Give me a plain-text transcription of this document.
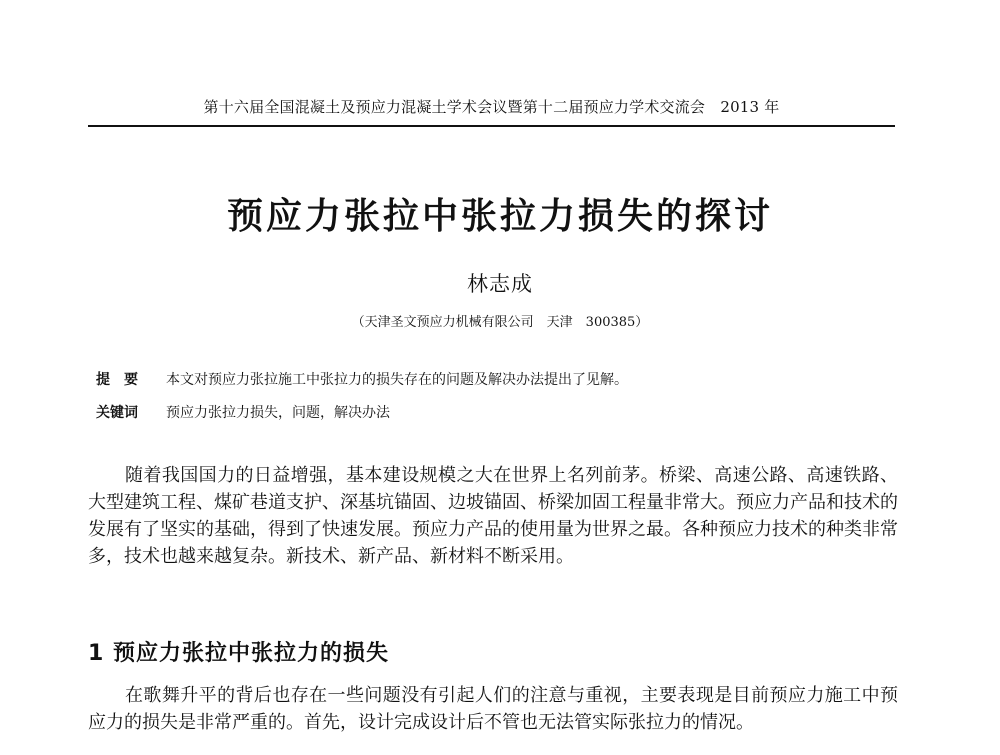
第十六届全国混凝土及预应力混凝土学术会议暨第十二届预应力学术交流会　2013 年
预应力张拉中张拉力损失的探讨
林志成
（天津圣文预应力机械有限公司　天津　300385）
提　要 本文对预应力张拉施工中张拉力的损失存在的问题及解决办法提出了见解。
关键词 预应力张拉力损失，问题，解决办法
随着我国国力的日益增强，基本建设规模之大在世界上名列前茅。桥梁、高速公路、高速铁路、大型建筑工程、煤矿巷道支护、深基坑锚固、边坡锚固、桥梁加固工程量非常大。预应力产品和技术的发展有了坚实的基础，得到了快速发展。预应力产品的使用量为世界之最。各种预应力技术的种类非常多，技术也越来越复杂。新技术、新产品、新材料不断采用。
1 预应力张拉中张拉力的损失
在歌舞升平的背后也存在一些问题没有引起人们的注意与重视，主要表现是目前预应力施工中预应力的损失是非常严重的。首先，设计完成设计后不管也无法管实际张拉力的情况。
